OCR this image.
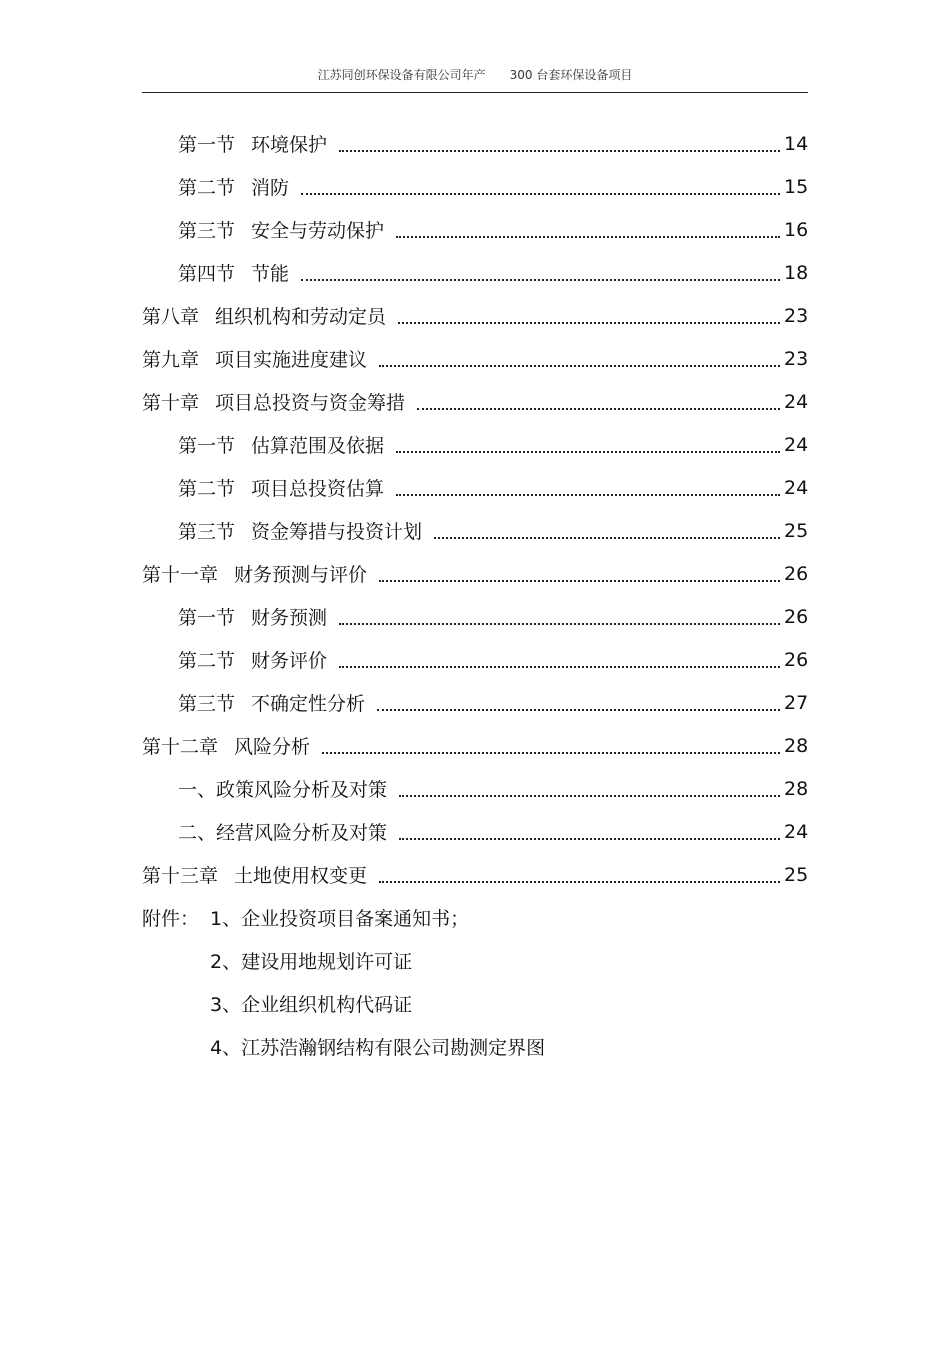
江苏同创环保设备有限公司年产 300 台套环保设备项目
第一节 环境保护	14
第二节 消防	15
第三节 安全与劳动保护	16
第四节 节能	18
第八章 组织机构和劳动定员	23
第九章 项目实施进度建议	23
第十章 项目总投资与资金筹措	24
第一节 估算范围及依据	24
第二节 项目总投资估算	24
第三节 资金筹措与投资计划	25
第十一章 财务预测与评价	26
第一节 财务预测	26
第二节 财务评价	26
第三节 不确定性分析	27
第十二章 风险分析	28
一、政策风险分析及对策	28
二、经营风险分析及对策	24
第十三章 土地使用权变更	25
附件： 1、企业投资项目备案通知书；
2、建设用地规划许可证
3、企业组织机构代码证
4、江苏浩瀚钢结构有限公司勘测定界图
